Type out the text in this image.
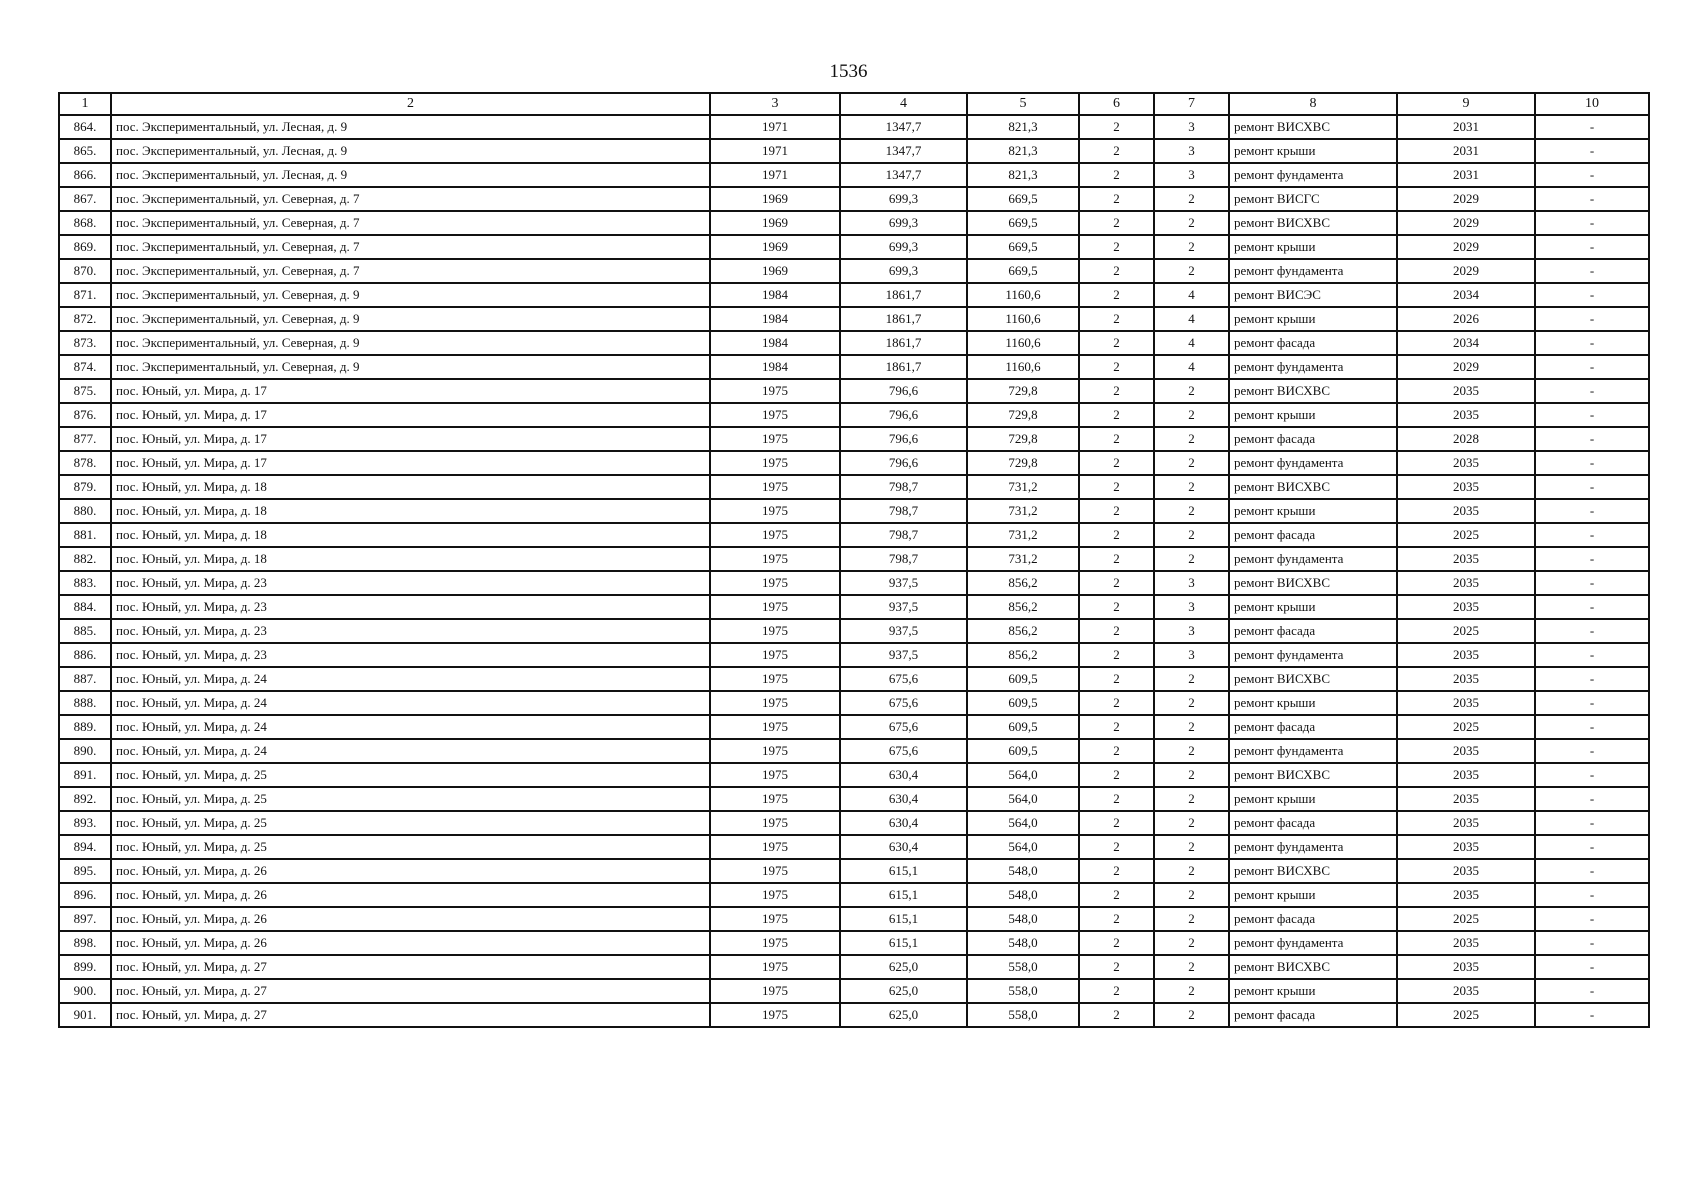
1536
1	2	3	4	5	6	7	8	9	10
864.	пос. Экспериментальный, ул. Лесная, д. 9	1971	1347,7	821,3	2	3	ремонт ВИСХВС	2031	-
865.	пос. Экспериментальный, ул. Лесная, д. 9	1971	1347,7	821,3	2	3	ремонт крыши	2031	-
866.	пос. Экспериментальный, ул. Лесная, д. 9	1971	1347,7	821,3	2	3	ремонт фундамента	2031	-
867.	пос. Экспериментальный, ул. Северная, д. 7	1969	699,3	669,5	2	2	ремонт ВИСГС	2029	-
868.	пос. Экспериментальный, ул. Северная, д. 7	1969	699,3	669,5	2	2	ремонт ВИСХВС	2029	-
869.	пос. Экспериментальный, ул. Северная, д. 7	1969	699,3	669,5	2	2	ремонт крыши	2029	-
870.	пос. Экспериментальный, ул. Северная, д. 7	1969	699,3	669,5	2	2	ремонт фундамента	2029	-
871.	пос. Экспериментальный, ул. Северная, д. 9	1984	1861,7	1160,6	2	4	ремонт ВИСЭС	2034	-
872.	пос. Экспериментальный, ул. Северная, д. 9	1984	1861,7	1160,6	2	4	ремонт крыши	2026	-
873.	пос. Экспериментальный, ул. Северная, д. 9	1984	1861,7	1160,6	2	4	ремонт фасада	2034	-
874.	пос. Экспериментальный, ул. Северная, д. 9	1984	1861,7	1160,6	2	4	ремонт фундамента	2029	-
875.	пос. Юный, ул. Мира, д. 17	1975	796,6	729,8	2	2	ремонт ВИСХВС	2035	-
876.	пос. Юный, ул. Мира, д. 17	1975	796,6	729,8	2	2	ремонт крыши	2035	-
877.	пос. Юный, ул. Мира, д. 17	1975	796,6	729,8	2	2	ремонт фасада	2028	-
878.	пос. Юный, ул. Мира, д. 17	1975	796,6	729,8	2	2	ремонт фундамента	2035	-
879.	пос. Юный, ул. Мира, д. 18	1975	798,7	731,2	2	2	ремонт ВИСХВС	2035	-
880.	пос. Юный, ул. Мира, д. 18	1975	798,7	731,2	2	2	ремонт крыши	2035	-
881.	пос. Юный, ул. Мира, д. 18	1975	798,7	731,2	2	2	ремонт фасада	2025	-
882.	пос. Юный, ул. Мира, д. 18	1975	798,7	731,2	2	2	ремонт фундамента	2035	-
883.	пос. Юный, ул. Мира, д. 23	1975	937,5	856,2	2	3	ремонт ВИСХВС	2035	-
884.	пос. Юный, ул. Мира, д. 23	1975	937,5	856,2	2	3	ремонт крыши	2035	-
885.	пос. Юный, ул. Мира, д. 23	1975	937,5	856,2	2	3	ремонт фасада	2025	-
886.	пос. Юный, ул. Мира, д. 23	1975	937,5	856,2	2	3	ремонт фундамента	2035	-
887.	пос. Юный, ул. Мира, д. 24	1975	675,6	609,5	2	2	ремонт ВИСХВС	2035	-
888.	пос. Юный, ул. Мира, д. 24	1975	675,6	609,5	2	2	ремонт крыши	2035	-
889.	пос. Юный, ул. Мира, д. 24	1975	675,6	609,5	2	2	ремонт фасада	2025	-
890.	пос. Юный, ул. Мира, д. 24	1975	675,6	609,5	2	2	ремонт фундамента	2035	-
891.	пос. Юный, ул. Мира, д. 25	1975	630,4	564,0	2	2	ремонт ВИСХВС	2035	-
892.	пос. Юный, ул. Мира, д. 25	1975	630,4	564,0	2	2	ремонт крыши	2035	-
893.	пос. Юный, ул. Мира, д. 25	1975	630,4	564,0	2	2	ремонт фасада	2035	-
894.	пос. Юный, ул. Мира, д. 25	1975	630,4	564,0	2	2	ремонт фундамента	2035	-
895.	пос. Юный, ул. Мира, д. 26	1975	615,1	548,0	2	2	ремонт ВИСХВС	2035	-
896.	пос. Юный, ул. Мира, д. 26	1975	615,1	548,0	2	2	ремонт крыши	2035	-
897.	пос. Юный, ул. Мира, д. 26	1975	615,1	548,0	2	2	ремонт фасада	2025	-
898.	пос. Юный, ул. Мира, д. 26	1975	615,1	548,0	2	2	ремонт фундамента	2035	-
899.	пос. Юный, ул. Мира, д. 27	1975	625,0	558,0	2	2	ремонт ВИСХВС	2035	-
900.	пос. Юный, ул. Мира, д. 27	1975	625,0	558,0	2	2	ремонт крыши	2035	-
901.	пос. Юный, ул. Мира, д. 27	1975	625,0	558,0	2	2	ремонт фасада	2025	-
